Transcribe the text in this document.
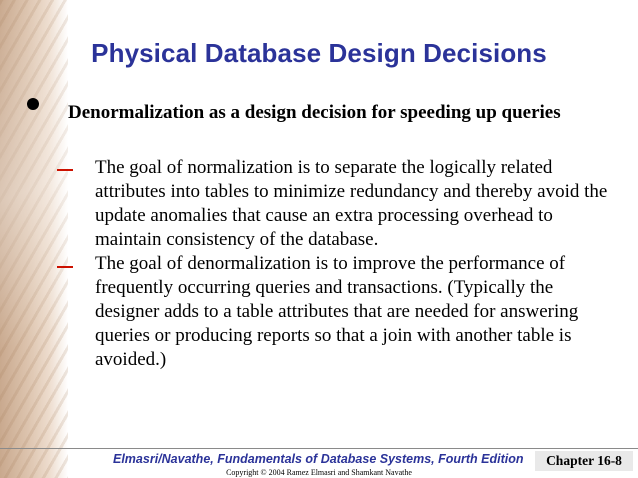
Physical Database Design Decisions
Denormalization as a design decision for speeding up queries
The goal of normalization is to separate the logically related attributes into tables to minimize redundancy and thereby avoid the update anomalies that cause an extra processing overhead to maintain consistency of the database.
The goal of denormalization is to improve the performance of frequently occurring queries and transactions. (Typically the designer adds to a table attributes that are needed for answering queries or producing reports so that a join with another table is avoided.)
Elmasri/Navathe, Fundamentals of Database Systems, Fourth Edition	Chapter 16-8
Copyright © 2004 Ramez Elmasri and Shamkant Navathe
